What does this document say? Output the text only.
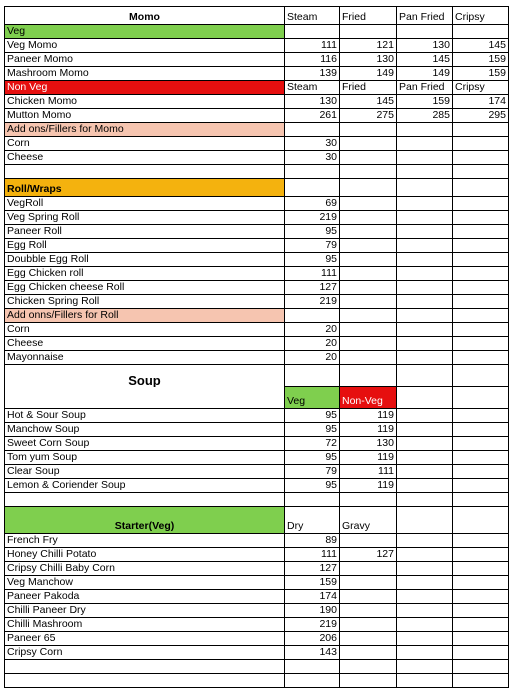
Momo	Steam	Fried	Pan Fried	Cripsy
Veg				
Veg Momo	111	121	130	145
Paneer Momo	116	130	145	159
Mashroom Momo	139	149	149	159
Non Veg	Steam	Fried	Pan Fried	Cripsy
Chicken Momo	130	145	159	174
Mutton Momo	261	275	285	295
Add ons/Fillers for Momo				
Corn	30			
Cheese	30			

Roll/Wraps				
VegRoll	69			
Veg Spring Roll	219			
Paneer Roll	95			
Egg Roll	79			
Doubble Egg Roll	95			
Egg Chicken roll	111			
Egg Chicken cheese Roll	127			
Chicken Spring Roll	219			
Add onns/Fillers for Roll				
Corn	20			
Cheese	20			
Mayonnaise	20			
Soup				
	Veg	Non-Veg		
Hot & Sour Soup	95	119		
Manchow Soup	95	119		
Sweet Corn Soup	72	130		
Tom yum Soup	95	119		
Clear Soup	79	111		
Lemon & Coriender Soup	95	119		

Starter(Veg)	Dry	Gravy		
French Fry	89			
Honey Chilli Potato	111	127		
Cripsy Chilli Baby Corn	127			
Veg Manchow	159			
Paneer Pakoda	174			
Chilli Paneer Dry	190			
Chilli Mashroom	219			
Paneer 65	206			
Cripsy Corn	143			
